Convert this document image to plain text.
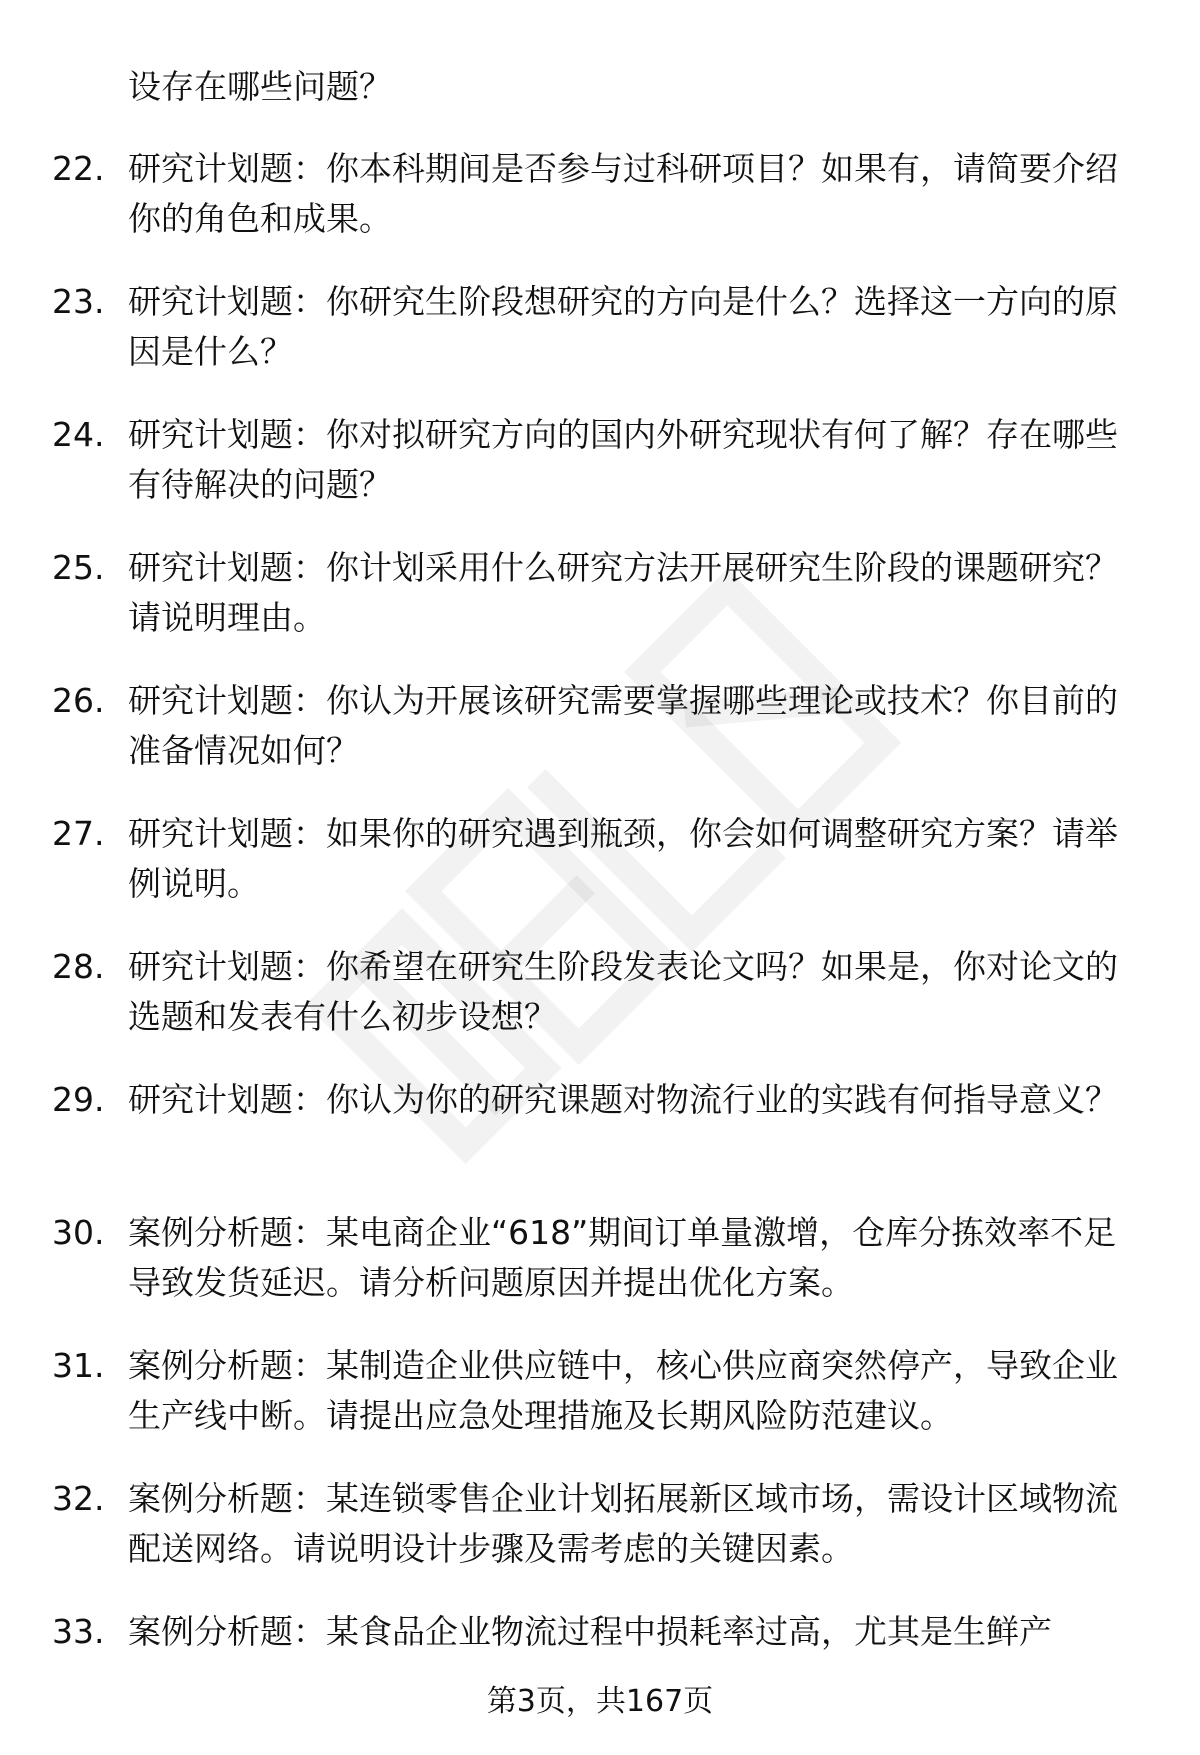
设存在哪些问题？

22. 研究计划题：你本科期间是否参与过科研项目？如果有，请简要介绍你的角色和成果。

23. 研究计划题：你研究生阶段想研究的方向是什么？选择这一方向的原因是什么？

24. 研究计划题：你对拟研究方向的国内外研究现状有何了解？存在哪些有待解决的问题？

25. 研究计划题：你计划采用什么研究方法开展研究生阶段的课题研究？请说明理由。

26. 研究计划题：你认为开展该研究需要掌握哪些理论或技术？你目前的准备情况如何？

27. 研究计划题：如果你的研究遇到瓶颈，你会如何调整研究方案？请举例说明。

28. 研究计划题：你希望在研究生阶段发表论文吗？如果是，你对论文的选题和发表有什么初步设想？

29. 研究计划题：你认为你的研究课题对物流行业的实践有何指导意义？

30. 案例分析题：某电商企业“618”期间订单量激增，仓库分拣效率不足导致发货延迟。请分析问题原因并提出优化方案。

31. 案例分析题：某制造企业供应链中，核心供应商突然停产，导致企业生产线中断。请提出应急处理措施及长期风险防范建议。

32. 案例分析题：某连锁零售企业计划拓展新区域市场，需设计区域物流配送网络。请说明设计步骤及需考虑的关键因素。

33. 案例分析题：某食品企业物流过程中损耗率过高，尤其是生鲜产

第3页，共167页
